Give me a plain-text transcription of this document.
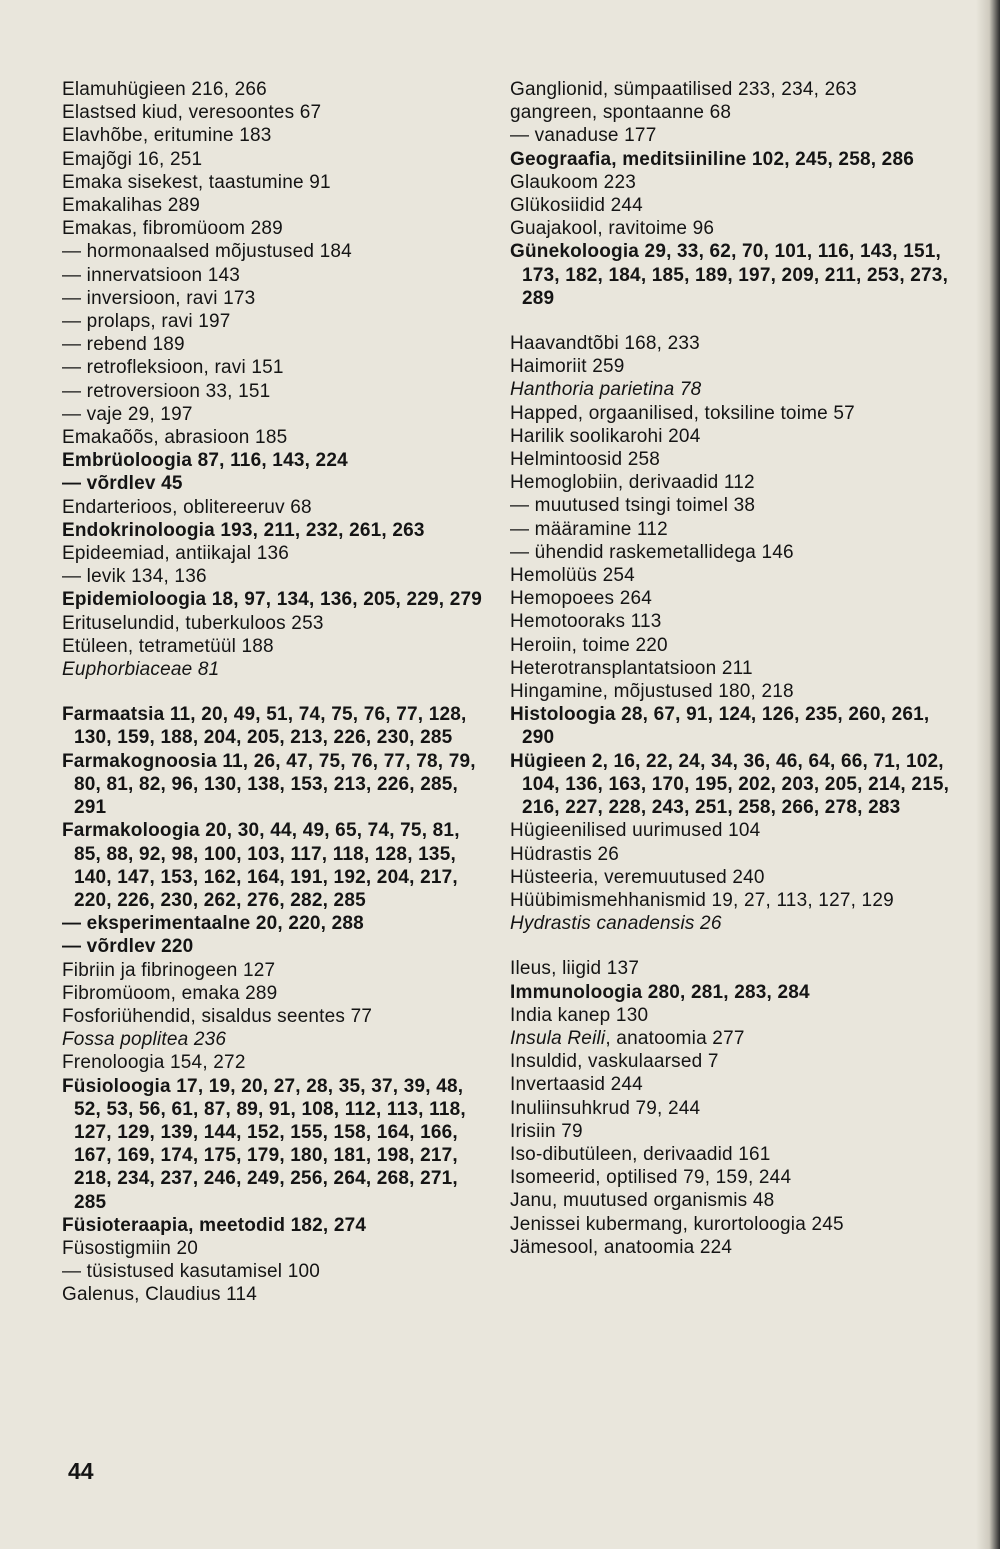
Elamuhügieen 216, 266
Elastsed kiud, veresoontes 67
Elavhõbe, eritumine 183
Emajõgi 16, 251
Emaka sisekest, taastumine 91
Emakalihas 289
Emakas, fibromüoom 289
— hormonaalsed mõjustused 184
— innervatsioon 143
— inversioon, ravi 173
— prolaps, ravi 197
— rebend 189
— retrofleksioon, ravi 151
— retroversioon 33, 151
— vaje 29, 197
Emakaõõs, abrasioon 185
Embrüoloogia 87, 116, 143, 224
— võrdlev 45
Endarterioos, obliterееruv 68
Endokrinoloogia 193, 211, 232, 261, 263
Epideemiad, antiikajal 136
— levik 134, 136
Epidemioloogia 18, 97, 134, 136, 205, 229, 279
Erituselundid, tuberkuloos 253
Etüleen, tetrametüül 188
Euphorbiaceae 81
Farmaatsia 11, 20, 49, 51, 74, 75, 76, 77, 128, 130, 159, 188, 204, 205, 213, 226, 230, 285
Farmakognoosia 11, 26, 47, 75, 76, 77, 78, 79, 80, 81, 82, 96, 130, 138, 153, 213, 226, 285, 291
Farmakoloogia 20, 30, 44, 49, 65, 74, 75, 81, 85, 88, 92, 98, 100, 103, 117, 118, 128, 135, 140, 147, 153, 162, 164, 191, 192, 204, 217, 220, 226, 230, 262, 276, 282, 285
— eksperimentaalne 20, 220, 288
— võrdlev 220
Fibriin ja fibrinogeen 127
Fibromüoom, emaka 289
Fosforiühendid, sisaldus seentes 77
Fossa poplitea 236
Frenoloogia 154, 272
Füsioloogia 17, 19, 20, 27, 28, 35, 37, 39, 48, 52, 53, 56, 61, 87, 89, 91, 108, 112, 113, 118, 127, 129, 139, 144, 152, 155, 158, 164, 166, 167, 169, 174, 175, 179, 180, 181, 198, 217, 218, 234, 237, 246, 249, 256, 264, 268, 271, 285
Füsioteraapia, meetodid 182, 274
Füsostigmiin 20
— tüsistused kasutamisel 100
Galenus, Claudius 114
Ganglionid, sümpaatilised 233, 234, 263
gangreen, spontaanne 68
— vanaduse 177
Geograafia, meditsiiniline 102, 245, 258, 286
Glaukoom 223
Glükosiidid 244
Guajakool, ravitoime 96
Günekoloogia 29, 33, 62, 70, 101, 116, 143, 151, 173, 182, 184, 185, 189, 197, 209, 211, 253, 273, 289
Haavandtõbi 168, 233
Haimoriit 259
Hanthoria parietina 78
Happed, orgaanilised, toksiline toime 57
Harilik soolikarohi 204
Helmintoosid 258
Hemoglobiin, derivaadid 112
— muutused tsingi toimel 38
— määramine 112
— ühendid raskemetallidega 146
Hemolüüs 254
Hemopoees 264
Hemotooraks 113
Heroiin, toime 220
Heterotransplantatsioon 211
Hingamine, mõjustused 180, 218
Histoloogia 28, 67, 91, 124, 126, 235, 260, 261, 290
Hügieen 2, 16, 22, 24, 34, 36, 46, 64, 66, 71, 102, 104, 136, 163, 170, 195, 202, 203, 205, 214, 215, 216, 227, 228, 243, 251, 258, 266, 278, 283
Hügieenilised uurimused 104
Hüdrastis 26
Hüsteeria, veremuutused 240
Hüübimismehhanismid 19, 27, 113, 127, 129
Hydrastis canadensis 26
Ileus, liigid 137
Immunoloogia 280, 281, 283, 284
India kanep 130
Insula Reili, anatoomia 277
Insuldid, vaskulaarsed 7
Invertaasid 244
Inuliinsuhkrud 79, 244
Irisiin 79
Iso-dibutüleen, derivaadid 161
Isomeerid, optilised 79, 159, 244
Janu, muutused organismis 48
Jenissei kubermang, kurortoloogia 245
Jämesool, anatoomia 224
44
